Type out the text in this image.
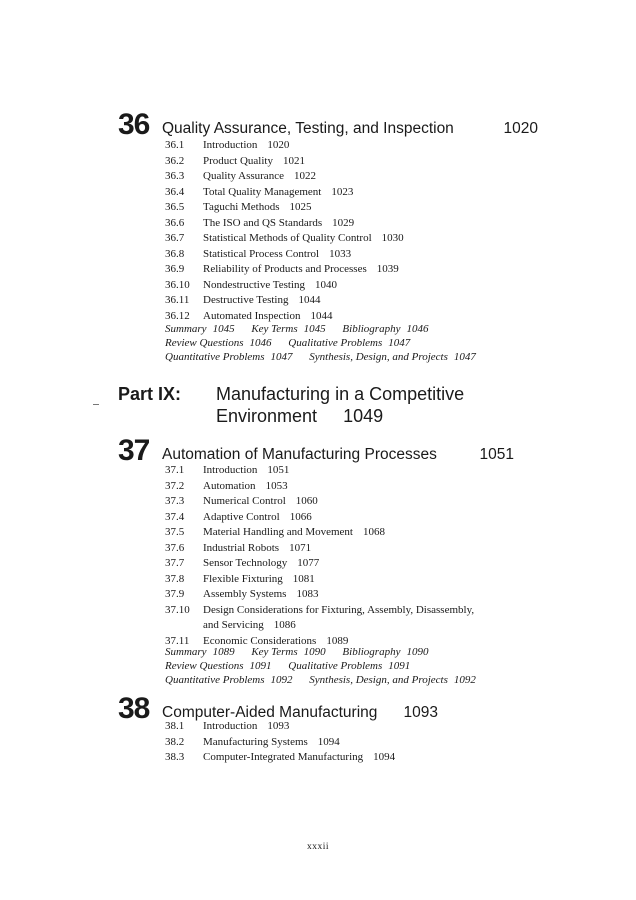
36 Quality Assurance, Testing, and Inspection	1020
36.1	Introduction 1020
36.2	Product Quality 1021
36.3	Quality Assurance 1022
36.4	Total Quality Management 1023
36.5	Taguchi Methods 1025
36.6	The ISO and QS Standards 1029
36.7	Statistical Methods of Quality Control 1030
36.8	Statistical Process Control 1033
36.9	Reliability of Products and Processes 1039
36.10	Nondestructive Testing 1040
36.11	Destructive Testing 1044
36.12	Automated Inspection 1044
Summary 1045 Key Terms 1045 Bibliography 1046
Review Questions 1046 Qualitative Problems 1047
Quantitative Problems 1047 Synthesis, Design, and Projects 1047
Part IX: Manufacturing in a Competitive
Environment 1049
37 Automation of Manufacturing Processes	1051
37.1	Introduction 1051
37.2	Automation 1053
37.3	Numerical Control 1060
37.4	Adaptive Control 1066
37.5	Material Handling and Movement 1068
37.6	Industrial Robots 1071
37.7	Sensor Technology 1077
37.8	Flexible Fixturing 1081
37.9	Assembly Systems 1083
37.10	Design Considerations for Fixturing, Assembly, Disassembly,
and Servicing 1086
37.11	Economic Considerations 1089
Summary 1089 Key Terms 1090 Bibliography 1090
Review Questions 1091 Qualitative Problems 1091
Quantitative Problems 1092 Synthesis, Design, and Projects 1092
38 Computer-Aided Manufacturing 1093
38.1	Introduction 1093
38.2	Manufacturing Systems 1094
38.3	Computer-Integrated Manufacturing 1094
xxxii
